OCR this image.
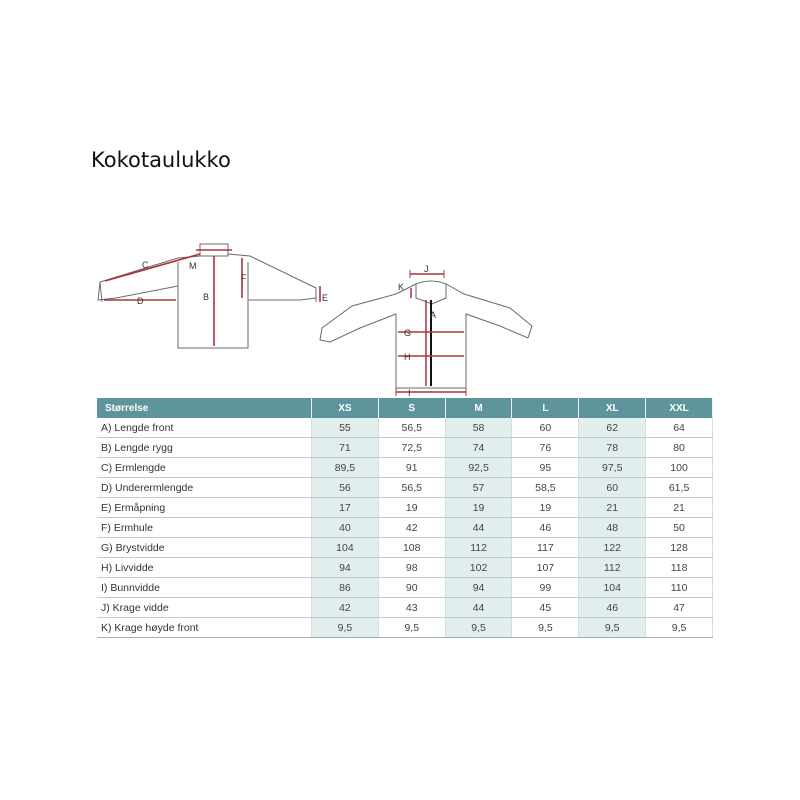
Kokotaulukko
C	M
F
D	B	E
J
K
A
G
H
I
Størrelse	XS	S	M	L	XL	XXL
A) Lengde front	55	56,5	58	60	62	64
B) Lengde rygg	71	72,5	74	76	78	80
C) Ermlengde	89,5	91	92,5	95	97,5	100
D) Underermlengde	56	56,5	57	58,5	60	61,5
E) Ermåpning	17	19	19	19	21	21
F) Ermhule	40	42	44	46	48	50
G) Brystvidde	104	108	112	117	122	128
H) Livvidde	94	98	102	107	112	118
I) Bunnvidde	86	90	94	99	104	110
J) Krage vidde	42	43	44	45	46	47
K) Krage høyde front	9,5	9,5	9,5	9,5	9,5	9,5
